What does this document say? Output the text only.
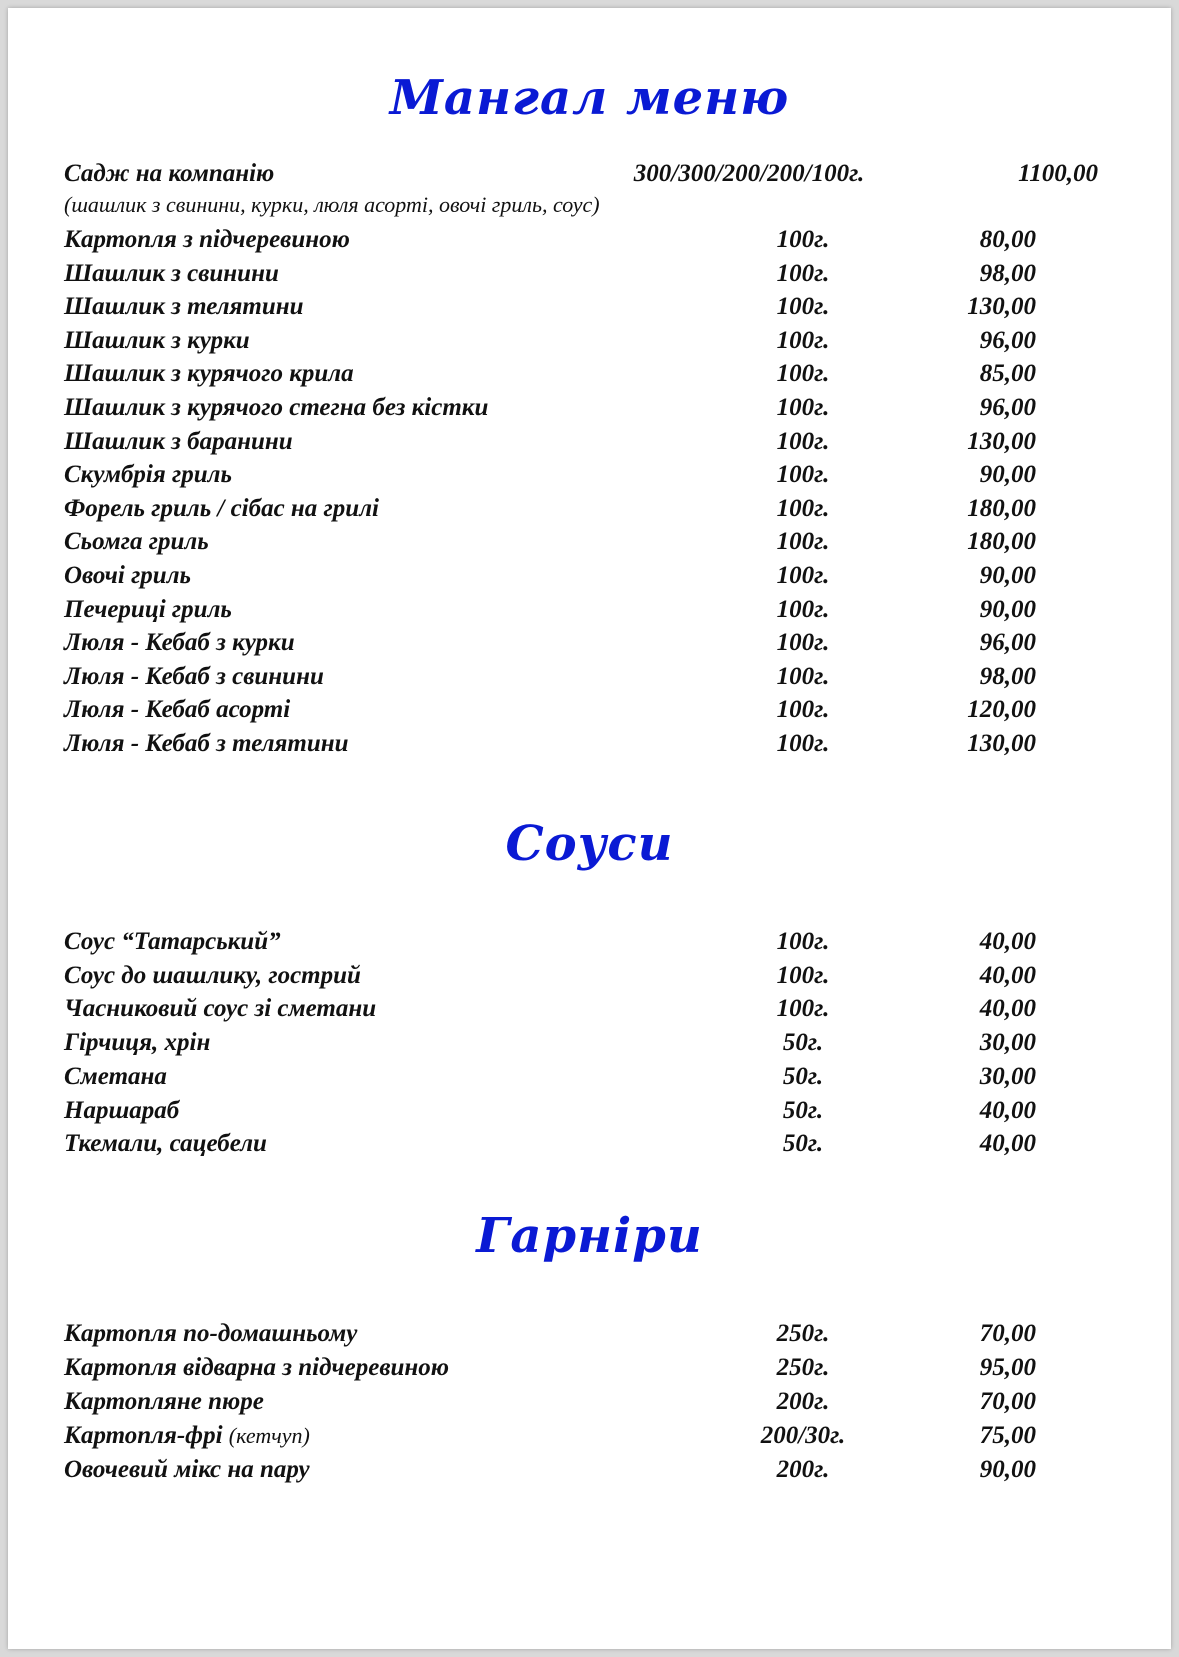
Мангал меню
Садж на компанію	300/300/200/200/100г.	1100,00
(шашлик з свинини, курки, люля асорті, овочі гриль, соус)
Картопля з підчеревиною	100г.	80,00
Шашлик з свинини	100г.	98,00
Шашлик з телятини	100г.	130,00
Шашлик з курки	100г.	96,00
Шашлик з курячого крила	100г.	85,00
Шашлик з курячого стегна без кістки	100г.	96,00
Шашлик з баранини	100г.	130,00
Скумбрія гриль	100г.	90,00
Форель гриль / сібас на грилі	100г.	180,00
Сьомга гриль	100г.	180,00
Овочі гриль	100г.	90,00
Печериці гриль	100г.	90,00
Люля - Кебаб з курки	100г.	96,00
Люля - Кебаб з свинини	100г.	98,00
Люля - Кебаб асорті	100г.	120,00
Люля - Кебаб з телятини	100г.	130,00
Соуси
Соус “Татарський”	100г.	40,00
Соус до шашлику, гострий	100г.	40,00
Часниковий соус зі сметани	100г.	40,00
Гірчиця, хрін	50г.	30,00
Сметана	50г.	30,00
Наршараб	50г.	40,00
Ткемали, сацебели	50г.	40,00
Гарніри
Картопля по-домашньому	250г.	70,00
Картопля відварна з підчеревиною	250г.	95,00
Картопляне пюре	200г.	70,00
Картопля-фрі (кетчуп)	200/30г.	75,00
Овочевий мікс на пару	200г.	90,00
